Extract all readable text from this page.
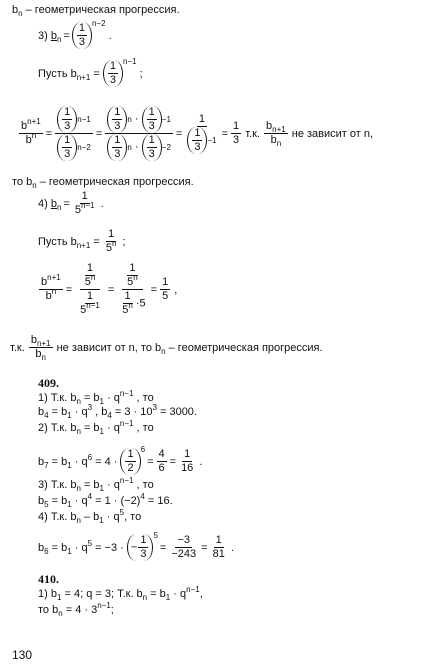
$b_n$ – геометрическая прогрессия.
3) $b_n = \frac{1}{3} n-2$
.
Пусть $b_{n+1} = \frac{1}{3} n-1$
;
$\frac{b^{n+1}}{b^n} = \frac{\frac{1}{3} n-1}{\frac{1}{3} n-2} = \frac{\frac{1}{3} n \cdot \frac{1}{3} -1}{\frac{1}{3} n \cdot \frac{1}{3} -2} = \frac{1}{\frac{1}{3} -1} = \frac{1}{3} т.к$. $\frac{b_{n+1}}{b_n}$ не зависит от n,
то $b_n$ – геометрическая прогрессия.
4) $b_n = \frac{1}{5^{n-1}}$ .
Пусть $b_{n+1} = \frac{1}{5^n}$ ;
$\frac{b^{n+1}}{b^n} = \frac{\frac{1}{5^n}}{\frac{1}{5^{n-1}}} = \frac{\frac{1}{5^n}}{\frac{1}{5^n} \cdot 5} = \frac{1}{5}$ ,
т.к. $\frac{b_{n+1}}{b_n}$ не зависит от n, то $b_n$ – геометрическая прогрессия.
409.
1) Т.к. $b_n = b_1 \cdot q^{n-1}$ , то
$b_4 = b_1 \cdot q^3$ , $b_4 = 3 \cdot 10^3 = 3000$.
2) Т.к. $b_n = b_1 \cdot q^{n-1}$ , то
$b_7 = b_1 \cdot q^6 = 4 \cdot \frac{1}{2} 6$
= $\frac{4}{6} = \frac{1}{16}$ .
3) Т.к. $b_n = b_1 \cdot q^{n-1}$ , то
$b_5 = b_1 \cdot q^4 = 1 \cdot (-2)^4 = 16$.
4) Т.к. $b_n - b_1 \cdot q^5$, то
$b_6 = b_1 \cdot q^5 = -3$ · − $\frac{1}{3} 5$
= $\frac{-3}{-243} = \frac{1}{81}$ .
410.
1) $b_1 = 4$; q = 3; Т.к. $b_n = b_1 \cdot q^{n-1}$,
то $b_n = 4 \cdot 3^{n-1}$;
130
